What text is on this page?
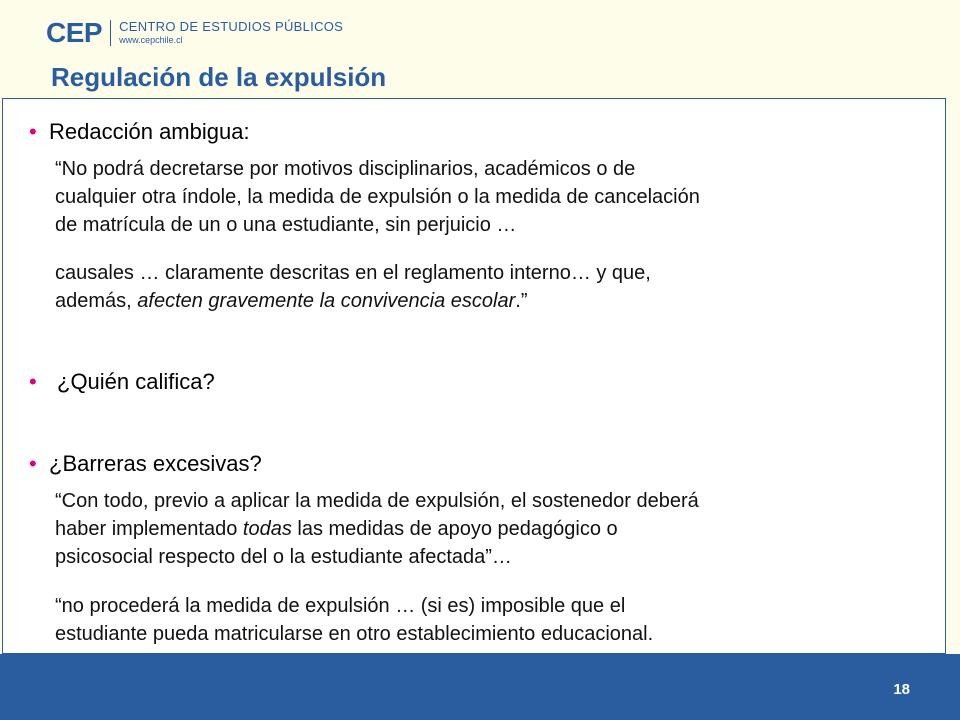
CEP CENTRO DE ESTUDIOS PÚBLICOS
www.cepchile.cl
Regulación de la expulsión
• Redacción ambigua:
“No podrá decretarse por motivos disciplinarios, académicos o de
cualquier otra índole, la medida de expulsión o la medida de cancelación
de matrícula de un o una estudiante, sin perjuicio …
causales … claramente descritas en el reglamento interno… y que,
además, afecten gravemente la convivencia escolar.”
• ¿Quién califica?
• ¿Barreras excesivas?
“Con todo, previo a aplicar la medida de expulsión, el sostenedor deberá
haber implementado todas las medidas de apoyo pedagógico o
psicosocial respecto del o la estudiante afectada”…
“no procederá la medida de expulsión … (si es) imposible que el
estudiante pueda matricularse en otro establecimiento educacional.
18
